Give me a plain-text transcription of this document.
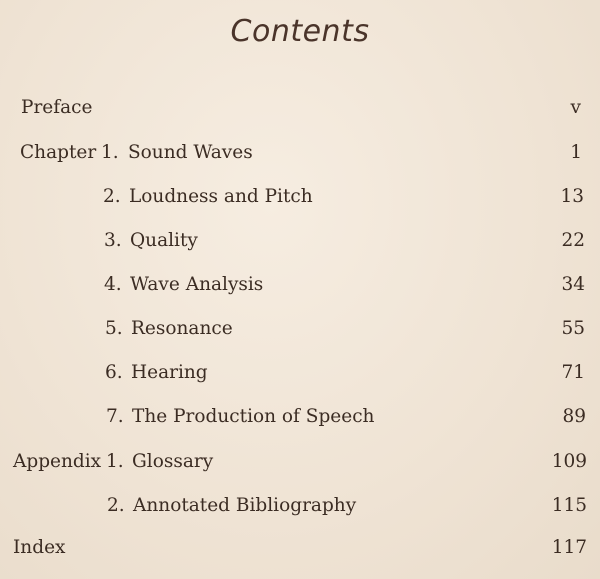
Contents
Preface	v
Chapter 1. Sound Waves	1
2. Loudness and Pitch	13
3. Quality	22
4. Wave Analysis	34
5. Resonance	55
6. Hearing	71
7. The Production of Speech	89
Appendix 1. Glossary	109
2. Annotated Bibliography	115
Index	117
